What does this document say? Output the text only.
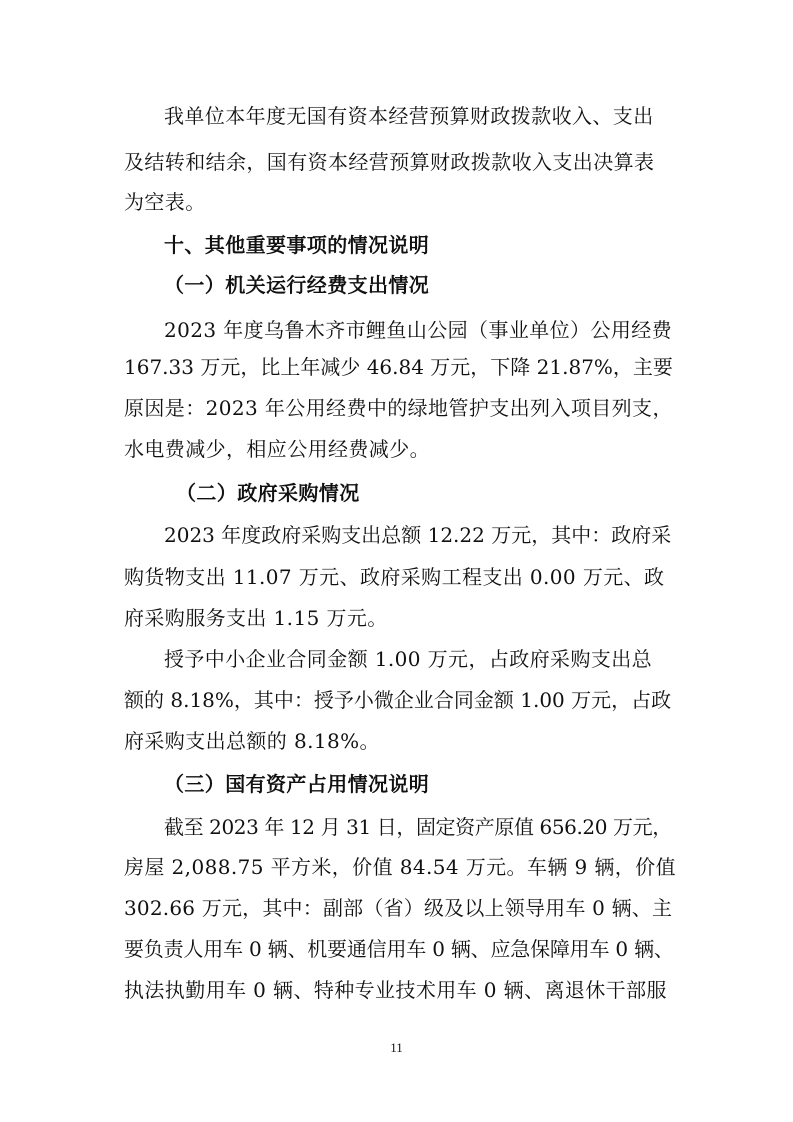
我单位本年度无国有资本经营预算财政拨款收入、支出
及结转和结余，国有资本经营预算财政拨款收入支出决算表
为空表。
十、其他重要事项的情况说明
（一）机关运行经费支出情况
2023 年度乌鲁木齐市鲤鱼山公园（事业单位）公用经费
167.33 万元，比上年减少 46.84 万元，下降 21.87%，主要
原因是：2023 年公用经费中的绿地管护支出列入项目列支，
水电费减少，相应公用经费减少。
（二）政府采购情况
2023 年度政府采购支出总额 12.22 万元，其中：政府采
购货物支出 11.07 万元、政府采购工程支出 0.00 万元、政
府采购服务支出 1.15 万元。
授予中小企业合同金额 1.00 万元，占政府采购支出总
额的 8.18%，其中：授予小微企业合同金额 1.00 万元，占政
府采购支出总额的 8.18%。
（三）国有资产占用情况说明
截至 2023 年 12 月 31 日，固定资产原值 656.20 万元，
房屋 2,088.75 平方米，价值 84.54 万元。车辆 9 辆，价值
302.66 万元，其中：副部（省）级及以上领导用车 0 辆、主
要负责人用车 0 辆、机要通信用车 0 辆、应急保障用车 0 辆、
执法执勤用车 0 辆、特种专业技术用车 0 辆、离退休干部服
11
